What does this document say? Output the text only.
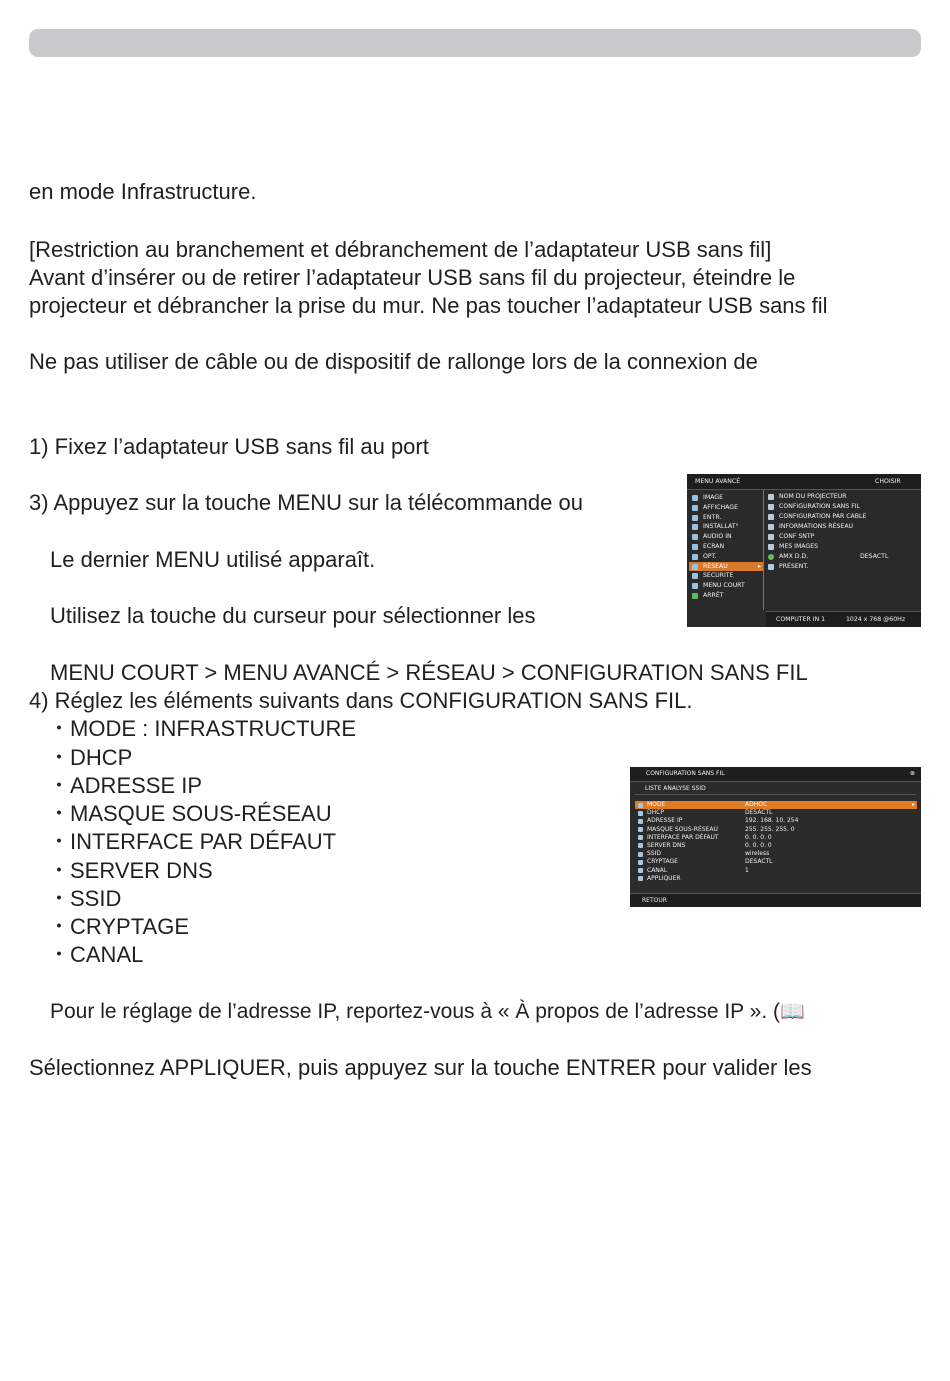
en mode Infrastructure.
[Restriction au branchement et débranchement de l’adaptateur USB sans fil]
Avant d’insérer ou de retirer l’adaptateur USB sans fil du projecteur, éteindre le
projecteur et débrancher la prise du mur. Ne pas toucher l’adaptateur USB sans fil
Ne pas utiliser de câble ou de dispositif de rallonge lors de la connexion de
1) Fixez l’adaptateur USB sans fil au port
3) Appuyez sur la touche MENU sur la télécommande ou
Le dernier MENU utilisé apparaît.
Utilisez la touche du curseur pour sélectionner les
MENU COURT > MENU AVANCÉ > RÉSEAU > CONFIGURATION SANS FIL
4) Réglez les éléments suivants dans CONFIGURATION SANS FIL.
・MODE : INFRASTRUCTURE
・DHCP
・ADRESSE IP
・MASQUE SOUS-RÉSEAU
・INTERFACE PAR DÉFAUT
・SERVER DNS
・SSID
・CRYPTAGE
・CANAL
Pour le réglage de l’adresse IP, reportez-vous à « À propos de l’adresse IP ». (📖
Sélectionnez APPLIQUER, puis appuyez sur la touche ENTRER pour valider les
MENU AVANCÉ	CHOISIR
IMAGE
AFFICHAGE
ENTR.
INSTALLAT°
AUDIO IN
ECRAN
OPT.
RÉSEAU	▸
SECURITE
MENU COURT
ARRÊT
NOM DU PROJECTEUR
CONFIGURATION SANS FIL
CONFIGURATION PAR CABLE
INFORMATIONS RÉSEAU
CONF SNTP
MES IMAGES
AMX D.D.	DESACTL
PRÉSENT.
COMPUTER IN 1	1024 x 768 @60Hz
CONFIGURATION SANS FIL	⊗
LISTE ANALYSE SSID
MODE	ADHOC	▸
DHCP	DESACTL
ADRESSE IP	192. 168. 10. 254
MASQUE SOUS-RÉSEAU	255. 255. 255. 0
INTERFACE PAR DÉFAUT	0. 0. 0. 0
SERVER DNS	0. 0. 0. 0
SSID	wireless
CRYPTAGE	DESACTL
CANAL	1
APPLIQUER
RETOUR
